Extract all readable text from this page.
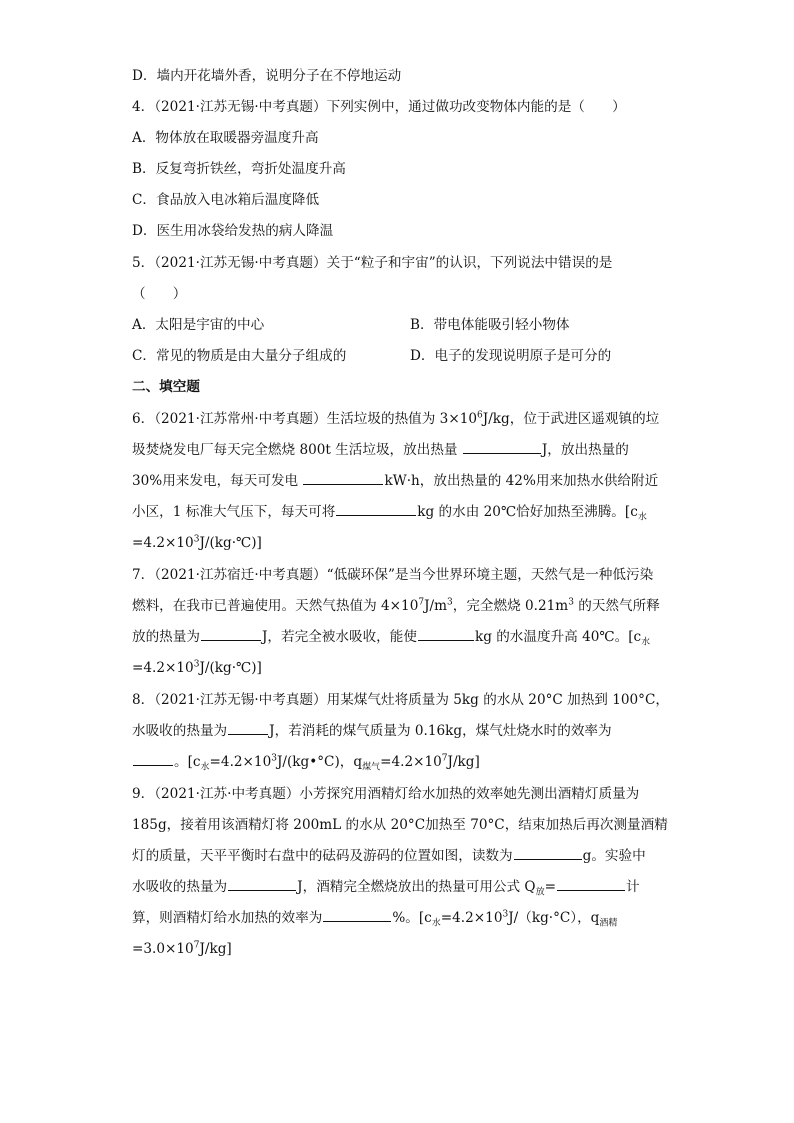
D．墙内开花墙外香，说明分子在不停地运动
4．（2021·江苏无锡·中考真题）下列实例中，通过做功改变物体内能的是（　　）
A．物体放在取暖器旁温度升高
B．反复弯折铁丝，弯折处温度升高
C．食品放入电冰箱后温度降低
D．医生用冰袋给发热的病人降温
5．（2021·江苏无锡·中考真题）关于“粒子和宇宙”的认识，下列说法中错误的是
（　　）
A．太阳是宇宙的中心	B．带电体能吸引轻小物体
C．常见的物质是由大量分子组成的	D．电子的发现说明原子是可分的
二、填空题
6．（2021·江苏常州·中考真题）生活垃圾的热值为 $3\times 10^6J/kg$，位于武进区遥观镇的垃
圾焚烧发电厂每天完全燃烧 800t 生活垃圾，放出热量	J，放出热量的
30%用来发电，每天可发电	kW·h，放出热量的 42%用来加热水供给附近
小区，1 标准大气压下，每天可将	kg 的水由 20℃恰好加热至沸腾。[$c_水$
$=4.2\times 10^3J/(kg\cdot℃)$]
7．（2021·江苏宿迁·中考真题）“低碳环保”是当今世界环境主题，天然气是一种低污染
燃料，在我市已普遍使用。天然气热值为 $4\times 10^7J/m^3$，完全燃烧 $0.21m^3$ 的天然气所释
放的热量为	J，若完全被水吸收，能使	kg 的水温度升高 40℃。[$c_水$
$=4.2\times 10^3J/(kg\cdot℃)$]
8．（2021·江苏无锡·中考真题）用某煤气灶将质量为 5kg 的水从 20°C 加热到 100°C，
水吸收的热量为	J，若消耗的煤气质量为 0.16kg，煤气灶烧水时的效率为
。[$c_水=4.2\times 10^3J/(kg•^\circ C)$，$q_{煤气}=4.2\times 10^7J/kg$]
9．（2021·江苏·中考真题）小芳探究用酒精灯给水加热的效率她先测出酒精灯质量为
185g，接着用该酒精灯将 200mL 的水从 20°C加热至 70°C，结束加热后再次测量酒精
灯的质量，天平平衡时右盘中的砝码及游码的位置如图，读数为	g。实验中
水吸收的热量为	J，酒精完全燃烧放出的热量可用公式 $Q_放=$	计
算，则酒精灯给水加热的效率为	%。[$c_水=4.2\times 10^3J/(kg\cdot^\circ C)$，$q_{酒精}$
$=3.0\times 10^7J/kg$]
